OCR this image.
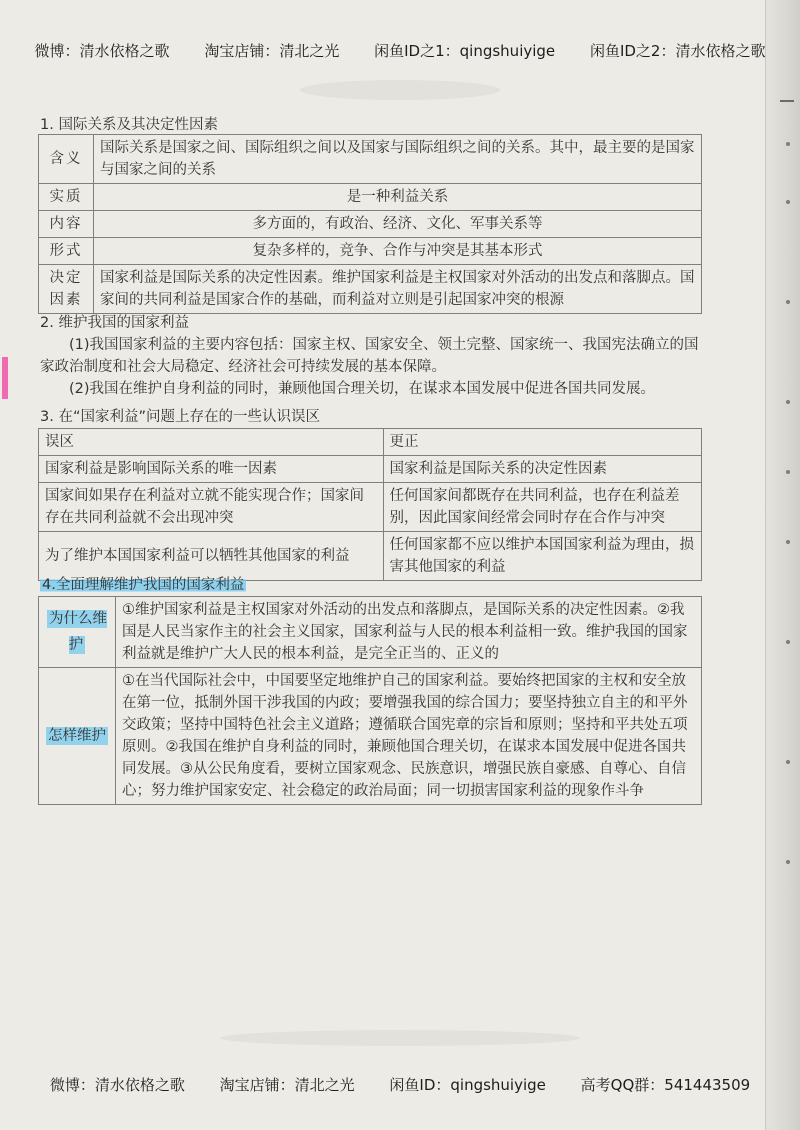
微博：清水依格之歌 淘宝店铺：清北之光 闲鱼ID之1：qingshuiyige 闲鱼ID之2：清水依格之歌
1. 国际关系及其决定性因素
含义	国际关系是国家之间、国际组织之间以及国家与国际组织之间的关系。其中，最主要的是国家与国家之间的关系
实质	是一种利益关系
内容	多方面的，有政治、经济、文化、军事关系等
形式	复杂多样的，竞争、合作与冲突是其基本形式
决定因素	国家利益是国际关系的决定性因素。维护国家利益是主权国家对外活动的出发点和落脚点。国家间的共同利益是国家合作的基础，而利益对立则是引起国家冲突的根源
2. 维护我国的国家利益
(1)我国国家利益的主要内容包括：国家主权、国家安全、领土完整、国家统一、我国宪法确立的国家政治制度和社会大局稳定、经济社会可持续发展的基本保障。
(2)我国在维护自身利益的同时，兼顾他国合理关切，在谋求本国发展中促进各国共同发展。
3. 在“国家利益”问题上存在的一些认识误区
误区	更正
国家利益是影响国际关系的唯一因素	国家利益是国际关系的决定性因素
国家间如果存在利益对立就不能实现合作；国家间存在共同利益就不会出现冲突	任何国家间都既存在共同利益，也存在利益差别，因此国家间经常会同时存在合作与冲突
为了维护本国国家利益可以牺牲其他国家的利益	任何国家都不应以维护本国国家利益为理由，损害其他国家的利益
4.全面理解维护我国的国家利益
为什么维护	①维护国家利益是主权国家对外活动的出发点和落脚点，是国际关系的决定性因素。②我国是人民当家作主的社会主义国家，国家利益与人民的根本利益相一致。维护我国的国家利益就是维护广大人民的根本利益，是完全正当的、正义的
怎样维护	①在当代国际社会中，中国要坚定地维护自己的国家利益。要始终把国家的主权和安全放在第一位，抵制外国干涉我国的内政；要增强我国的综合国力；要坚持独立自主的和平外交政策；坚持中国特色社会主义道路；遵循联合国宪章的宗旨和原则；坚持和平共处五项原则。②我国在维护自身利益的同时，兼顾他国合理关切，在谋求本国发展中促进各国共同发展。③从公民角度看，要树立国家观念、民族意识，增强民族自豪感、自尊心、自信心；努力维护国家安定、社会稳定的政治局面；同一切损害国家利益的现象作斗争
微博：清水依格之歌 淘宝店铺：清北之光 闲鱼ID：qingshuiyige 高考QQ群：541443509
